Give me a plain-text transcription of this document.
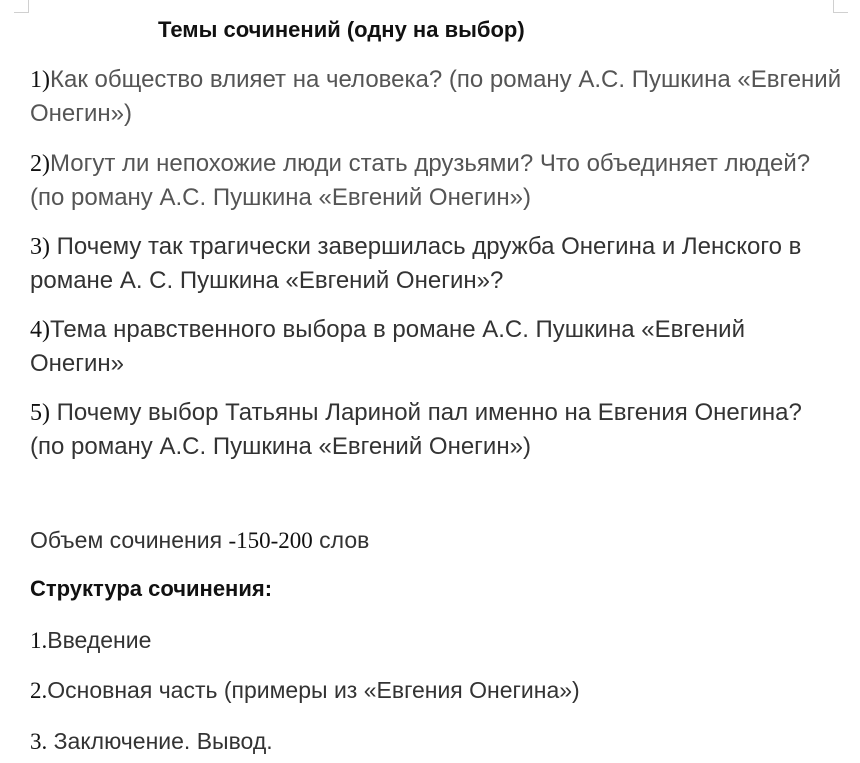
Темы сочинений (одну на выбор)
1)Как общество влияет на человека? (по роману А.С. Пушкина «Евгений Онегин»)
2)Могут ли непохожие люди стать друзьями? Что объединяет людей? (по роману А.С. Пушкина «Евгений Онегин»)
3) Почему так трагически завершилась дружба Онегина и Ленского в романе А. С. Пушкина «Евгений Онегин»?
4)Тема нравственного выбора в романе А.С. Пушкина «Евгений Онегин»
5) Почему выбор Татьяны Лариной пал именно на Евгения Онегина? (по роману А.С. Пушкина «Евгений Онегин»)
Объем сочинения -150-200 слов
Структура сочинения:
1.Введение
2.Основная часть (примеры из «Евгения Онегина»)
3. Заключение. Вывод.
